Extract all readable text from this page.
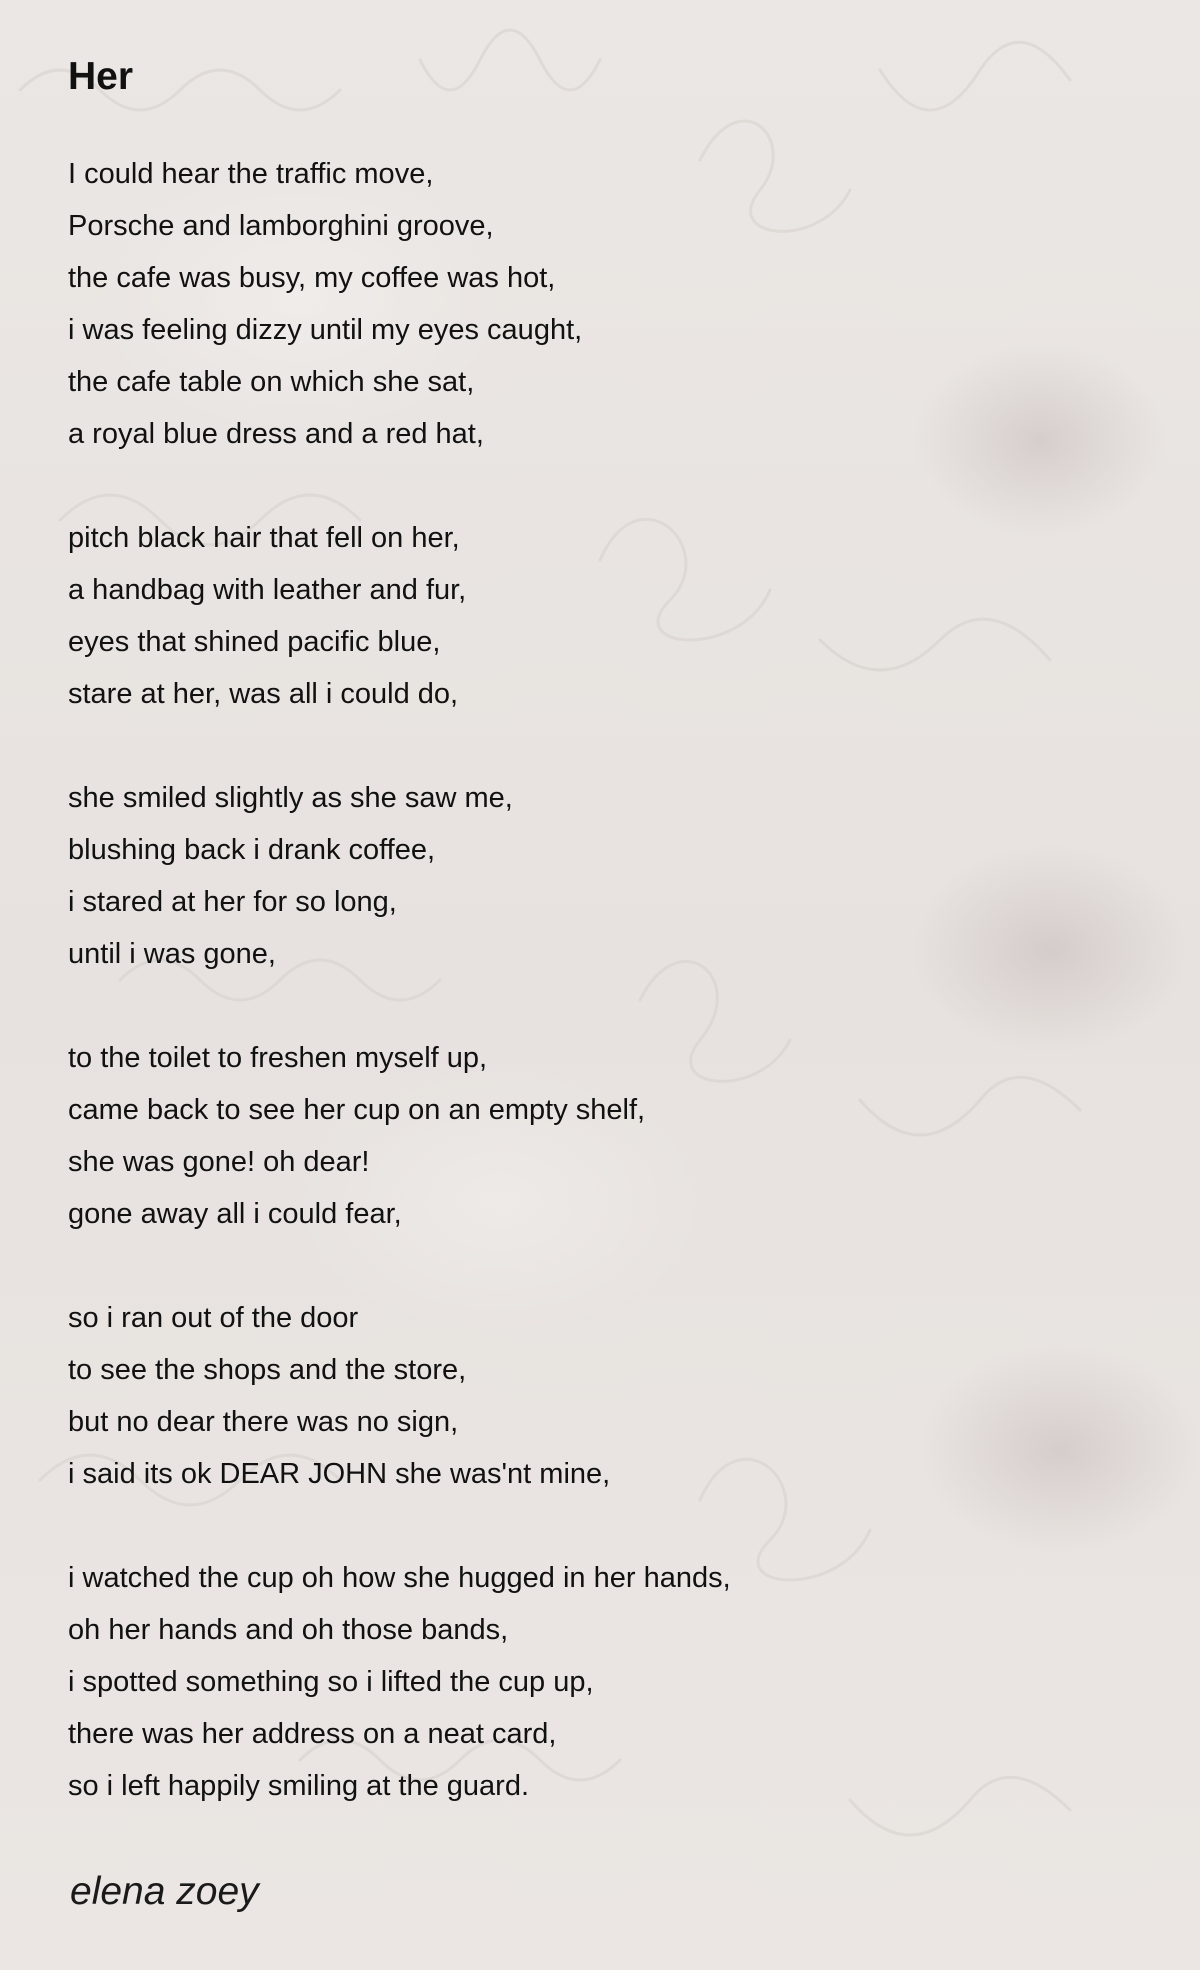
Her
I could hear the traffic move,
Porsche and lamborghini groove,
the cafe was busy, my coffee was hot,
i was feeling dizzy until my eyes caught,
the cafe table on which she sat,
a royal blue dress and a red hat,
pitch black hair that fell on her,
a handbag with leather and fur,
eyes that shined pacific blue,
stare at her, was all i could do,
she smiled slightly as she saw me,
blushing back i drank coffee,
i stared at her for so long,
until i was gone,
to the toilet to freshen myself up,
came back to see her cup on an empty shelf,
she was gone! oh dear!
gone away all i could fear,
so i ran out of the door
to see the shops and the store,
but no dear there was no sign,
i said its ok DEAR JOHN she was'nt mine,
i watched the cup oh how she hugged in her hands,
oh her hands and oh those bands,
i spotted something so i lifted the cup up,
there was her address on a neat card,
so i left happily smiling at the guard.
elena zoey
